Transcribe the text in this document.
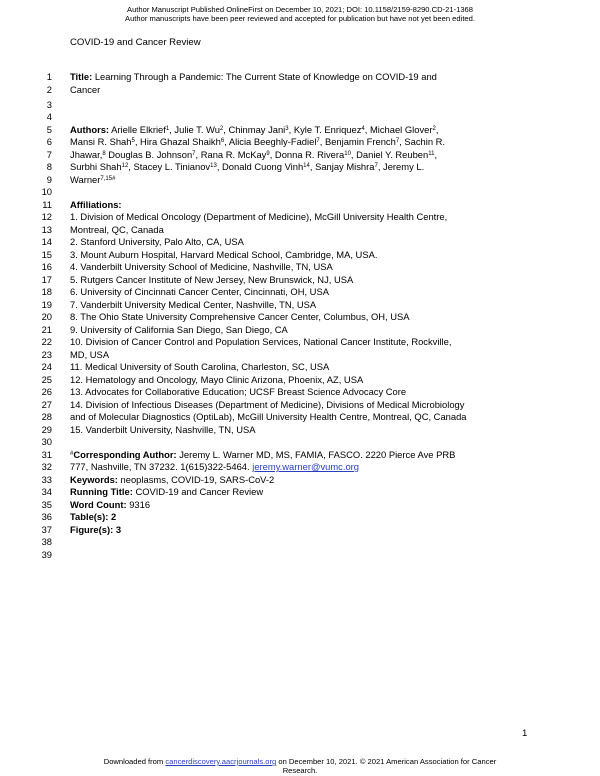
Author Manuscript Published OnlineFirst on December 10, 2021; DOI: 10.1158/2159-8290.CD-21-1368
Author manuscripts have been peer reviewed and accepted for publication but have not yet been edited.
COVID-19 and Cancer Review
1
2
3
4
5
6
7
8
9
10
11
12
13
14
15
16
17
18
19
20
21
22
23
24
25
26
27
28
29
30
31
32
33
34
35
36
37
38
39
Title: Learning Through a Pandemic: The Current State of Knowledge on COVID-19 and
Cancer
Authors: Arielle Elkrief$^1$, Julie T. Wu$^2$, Chinmay Jani$^3$, Kyle T. Enriquez$^4$, Michael Glover$^2$,
Mansi R. Shah$^5$, Hira Ghazal Shaikh$^6$, Alicia Beeghly-Fadiel$^7$, Benjamin French$^7$, Sachin R.
Jhawar,$^8$ Douglas B. Johnson$^7$, Rana R. McKay$^9$, Donna R. Rivera$^{10}$, Daniel Y. Reuben$^{11}$,
Surbhi Shah$^{12}$, Stacey L. Tinianov$^{13}$, Donald Cuong Vinh$^{14}$, Sanjay Mishra$^7$, Jeremy L.
Warner$^{7,15\#}$
Affiliations:
1. Division of Medical Oncology (Department of Medicine), McGill University Health Centre,
Montreal, QC, Canada
2. Stanford University, Palo Alto, CA, USA
3. Mount Auburn Hospital, Harvard Medical School, Cambridge, MA, USA.
4. Vanderbilt University School of Medicine, Nashville, TN, USA
5. Rutgers Cancer Institute of New Jersey, New Brunswick, NJ, USA
6. University of Cincinnati Cancer Center, Cincinnati, OH, USA
7. Vanderbilt University Medical Center, Nashville, TN, USA
8. The Ohio State University Comprehensive Cancer Center, Columbus, OH, USA
9. University of California San Diego, San Diego, CA
10. Division of Cancer Control and Population Services, National Cancer Institute, Rockville,
MD, USA
11. Medical University of South Carolina, Charleston, SC, USA
12. Hematology and Oncology, Mayo Clinic Arizona, Phoenix, AZ, USA
13. Advocates for Collaborative Education; UCSF Breast Science Advocacy Core
14. Division of Infectious Diseases (Department of Medicine), Divisions of Medical Microbiology
and of Molecular Diagnostics (OptiLab), McGill University Health Centre, Montreal, QC, Canada
15. Vanderbilt University, Nashville, TN, USA
#Corresponding Author: Jeremy L. Warner MD, MS, FAMIA, FASCO. 2220 Pierce Ave PRB
777, Nashville, TN 37232. 1(615)322-5464. jeremy.warner@vumc.org
Keywords: neoplasms, COVID-19, SARS-CoV-2
Running Title: COVID-19 and Cancer Review
Word Count: 9316
Table(s): 2
Figure(s): 3
1
Downloaded from cancerdiscovery.aacrjournals.org on December 10, 2021. © 2021 American Association for Cancer
Research.
